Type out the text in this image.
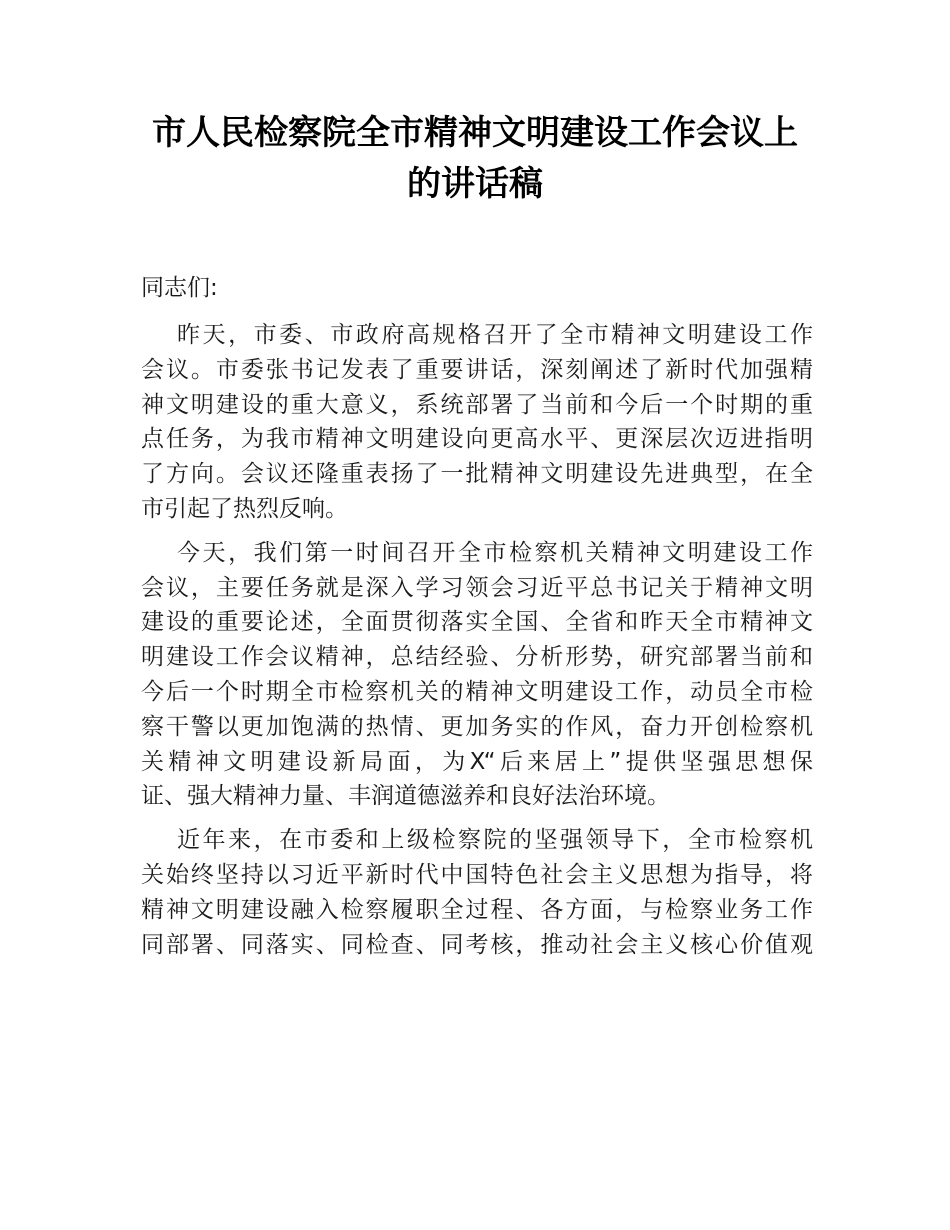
市人民检察院全市精神文明建设工作会议上
的讲话稿
同志们:
昨天，市委、市政府高规格召开了全市精神文明建设工作
会议。市委张书记发表了重要讲话，深刻阐述了新时代加强精
神文明建设的重大意义，系统部署了当前和今后一个时期的重
点任务，为我市精神文明建设向更高水平、更深层次迈进指明
了方向。会议还隆重表扬了一批精神文明建设先进典型，在全
市引起了热烈反响。
今天，我们第一时间召开全市检察机关精神文明建设工作
会议，主要任务就是深入学习领会习近平总书记关于精神文明
建设的重要论述，全面贯彻落实全国、全省和昨天全市精神文
明建设工作会议精神，总结经验、分析形势，研究部署当前和
今后一个时期全市检察机关的精神文明建设工作，动员全市检
察干警以更加饱满的热情、更加务实的作风，奋力开创检察机
关精神文明建设新局面，为X“后来居上”提供坚强思想保
证、强大精神力量、丰润道德滋养和良好法治环境。
近年来，在市委和上级检察院的坚强领导下，全市检察机
关始终坚持以习近平新时代中国特色社会主义思想为指导，将
精神文明建设融入检察履职全过程、各方面，与检察业务工作
同部署、同落实、同检查、同考核，推动社会主义核心价值观
